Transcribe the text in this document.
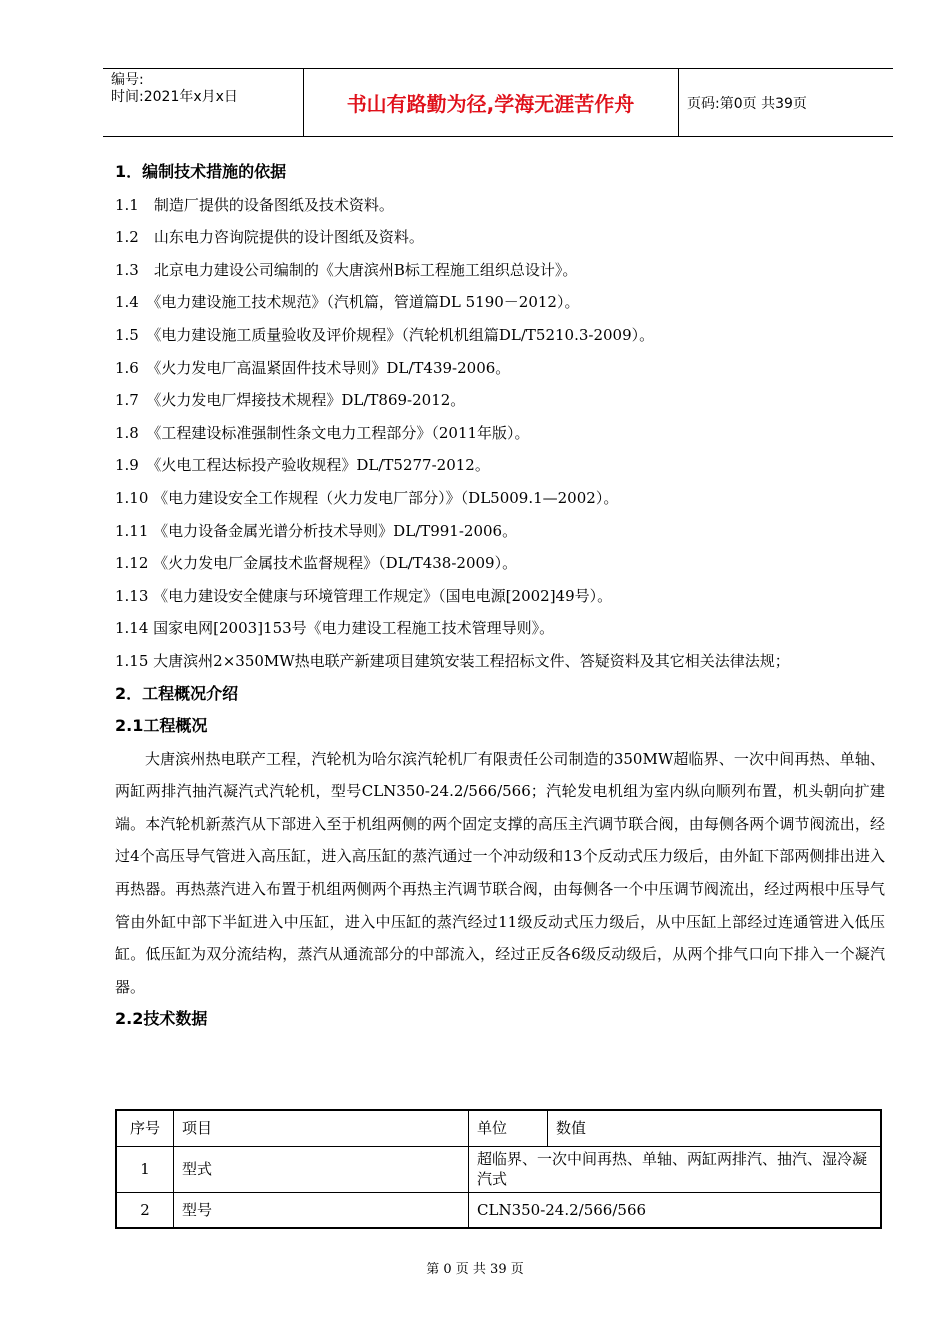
编号:
时间:2021年x月x日	书山有路勤为径,学海无涯苦作舟	页码:第0页 共39页
1．编制技术措施的依据
1.1　制造厂提供的设备图纸及技术资料。
1.2　山东电力咨询院提供的设计图纸及资料。
1.3　北京电力建设公司编制的《大唐滨州B标工程施工组织总设计》。
1.4　《电力建设施工技术规范》（汽机篇，管道篇DL 5190－2012）。
1.5　《电力建设施工质量验收及评价规程》（汽轮机机组篇DL/T5210.3-2009）。
1.6　《火力发电厂高温紧固件技术导则》DL/T439-2006。
1.7　《火力发电厂焊接技术规程》DL/T869-2012。
1.8　《工程建设标准强制性条文电力工程部分》（2011年版）。
1.9　《火电工程达标投产验收规程》DL/T5277-2012。
1.10 《电力建设安全工作规程（火力发电厂部分）》（DL5009.1—2002）。
1.11 《电力设备金属光谱分析技术导则》DL/T991-2006。
1.12 《火力发电厂金属技术监督规程》（DL/T438-2009）。
1.13 《电力建设安全健康与环境管理工作规定》（国电电源[2002]49号）。
1.14 国家电网[2003]153号《电力建设工程施工技术管理导则》。
1.15 大唐滨州2×350MW热电联产新建项目建筑安装工程招标文件、答疑资料及其它相关法律法规；
2．工程概况介绍
2.1工程概况
大唐滨州热电联产工程，汽轮机为哈尔滨汽轮机厂有限责任公司制造的350MW超临界、一次中间再热、单轴、两缸两排汽抽汽凝汽式汽轮机，型号CLN350-24.2/566/566；汽轮发电机组为室内纵向顺列布置，机头朝向扩建端。本汽轮机新蒸汽从下部进入至于机组两侧的两个固定支撑的高压主汽调节联合阀，由每侧各两个调节阀流出，经过4个高压导气管进入高压缸，进入高压缸的蒸汽通过一个冲动级和13个反动式压力级后，由外缸下部两侧排出进入再热器。再热蒸汽进入布置于机组两侧两个再热主汽调节联合阀，由每侧各一个中压调节阀流出，经过两根中压导气管由外缸中部下半缸进入中压缸，进入中压缸的蒸汽经过11级反动式压力级后，从中压缸上部经过连通管进入低压缸。低压缸为双分流结构，蒸汽从通流部分的中部流入，经过正反各6级反动级后，从两个排气口向下排入一个凝汽器。
2.2技术数据
序号	项目	单位	数值
1	型式	超临界、一次中间再热、单轴、两缸两排汽、抽汽、湿冷凝汽式	
2	型号	CLN350-24.2/566/566	
第 0 页 共 39 页
